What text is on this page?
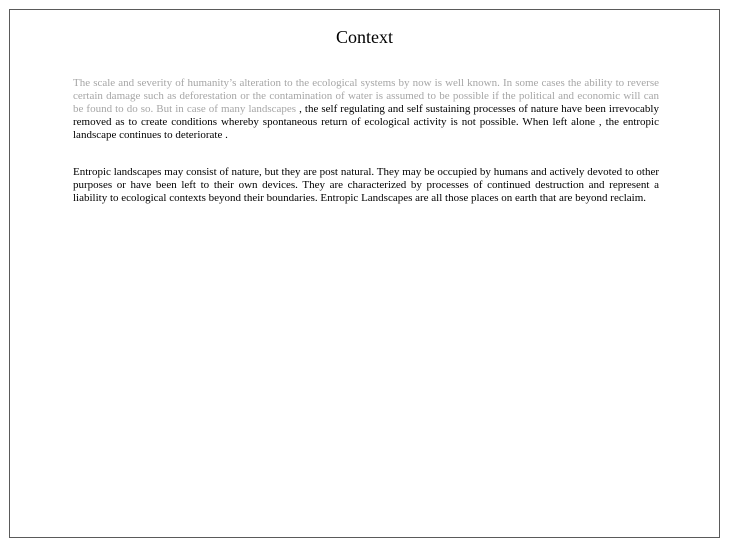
Context

The scale and severity of humanity’s alteration to the ecological systems by now is well known. In some cases the ability to reverse certain damage such as deforestation or the contamination of water is assumed to be possible if the political and economic will can be found to do so. But in case of many landscapes , the self regulating and self sustaining processes of nature have been irrevocably removed as to create conditions whereby spontaneous return of ecological activity is not possible. When left alone , the entropic landscape continues to deteriorate .

Entropic landscapes may consist of nature, but they are post natural. They may be occupied by humans and actively devoted to other purposes or have been left to their own devices. They are characterized by processes of continued destruction and represent a liability to ecological contexts beyond their boundaries. Entropic Landscapes are all those places on earth that are beyond reclaim.
